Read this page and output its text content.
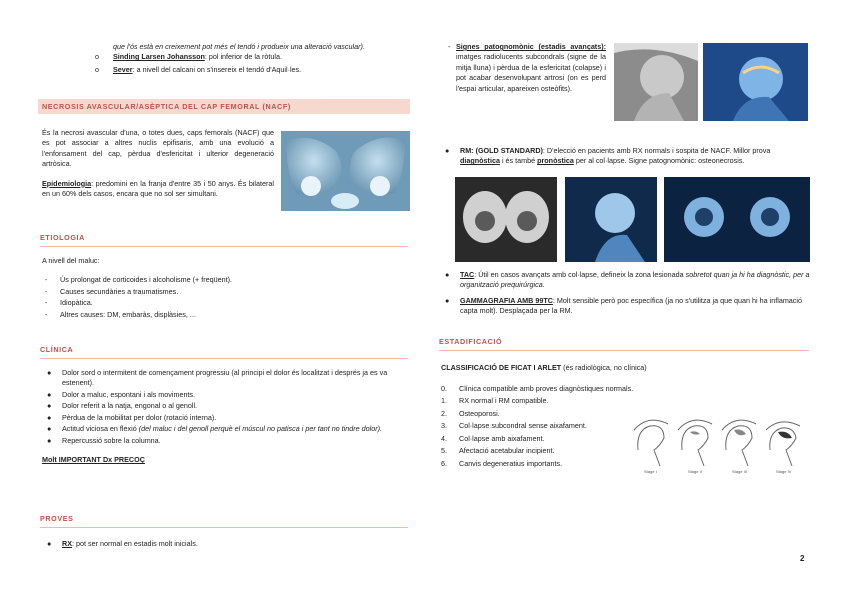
que l'ós està en creixement pot més el tendó i produeix una alteració vascular).
o Sinding Larsen Johansson: pol inferior de la ròtula.
o Sever: a nivell del calcani on s'insereix el tendó d'Aquil·les.
NECROSIS AVASCULAR/ASÈPTICA DEL CAP FEMORAL (NACF)
És la necrosi avascular d'una, o totes dues, caps femorals (NACF) que es pot associar a altres nuclis epifisaris, amb una evolució a l'enfonsament del cap, pèrdua d'esfericitat i ulterior degeneració artròsica.
Epidemiologia: predomini en la franja d'entre 35 i 50 anys. És bilateral en un 60% dels casos, encara que no sol ser simultani.
ETIOLOGIA
A nivell del maluc:
- Ús prolongat de corticoides i alcoholisme (+ freqüent).
- Causes secundàries a traumatismes.
- Idiopàtica.
- Altres causes: DM, embaràs, displàsies, ...
CLÍNICA
● Dolor sord o intermitent de començament progressiu (al principi el dolor és localitzat i després ja es va estenent).
● Dolor a maluc, espontani i als moviments.
● Dolor referit a la natja, engonal o al genoll.
● Pèrdua de la mobilitat per dolor (rotació interna).
● Actitud viciosa en flexió (del maluc i del genoll perquè el múscul no patisca i per tant no tindre dolor).
● Repercussió sobre la columna.
Molt IMPORTANT Dx PRECOÇ
PROVES
● RX: pot ser normal en estadis molt inicials.
- Signes patognomònic (estadis avançats): imatges radiolucents subcondrals (signe de la mitja lluna) i pèrdua de la esfericitat (colapse) i pot acabar desenvolupant artrosi (on es perd l'espai articular, apareixen osteòfits).
● RM: (GOLD STANDARD): D'elecció en pacients amb RX normals i sospita de NACF. Millor prova diagnòstica i és també pronòstica per al col·lapse. Signe patognomònic: osteonecrosis.
● TAC: Útil en casos avançats amb col·lapse, defineix la zona lesionada sobretot quan ja hi ha diagnòstic, per a organització prequirúrgica.
● GAMMAGRAFIA AMB 99TC: Molt sensible però poc específica (ja no s'utilitza ja que quan hi ha inflamació capta molt). Desplaçada per la RM.
ESTADIFICACIÓ
CLASSIFICACIÓ DE FICAT I ARLET (és radiològica, no clínica)
0. Clínica compatible amb proves diagnòstiques normals.
1. RX normal i RM compatible.
2. Osteoporosi.
3. Col·lapse subcondral sense aixafament.
4. Col·lapse amb aixafament.
5. Afectació acetabular incipient.
6. Canvis degeneratius importants.
Stage I	Stage II	Stage III	Stage IV
2
